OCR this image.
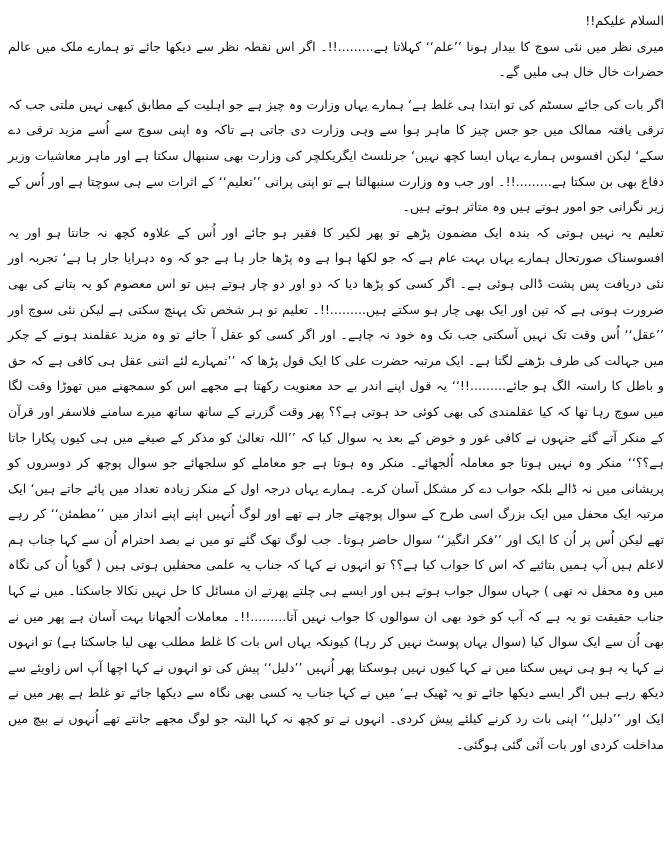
السلام علیکم!!

میری نظر میں نئی سوچ کا بیدار ہونا ’’علم‘‘ کہلاتا ہے.........!!۔ اگر اس نقطہ نظر سے دیکھا جائے تو ہمارے ملک میں عالم حضرات خال خال ہی ملیں گے۔

اگر بات کی جائے سسٹم کی تو ابتدا ہی غلط ہے‘ ہمارے یہاں وزارت وہ چیز ہے جو اہلیت کے مطابق کبھی نہیں ملتی جب کہ ترقی یافتہ ممالک میں جو جس چیز کا ماہر ہوا سے وہی وزارت دی جاتی ہے تاکہ وہ اپنی سوچ سے اُسے مزید ترقی دے سکے‘ لیکن افسوس ہمارے یہاں ایسا کچھ نہیں‘ جرنلسٹ ایگریکلچر کی وزارت بھی سنبھال سکتا ہے اور ماہر معاشیات وزیر دفاع بھی بن سکتا ہے.........!!۔ اور جب وہ وزارت سنبھالتا ہے تو اپنی پرانی ’’تعلیم‘‘ کے اثرات سے ہی سوچتا ہے اور اُس کے زیر نگرانی جو امور ہوتے ہیں وہ متاثر ہوتے ہیں۔

تعلیم یہ نہیں ہوتی کہ بندہ ایک مضمون پڑھے تو پھر لکیر کا فقیر ہو جائے اور اُس کے علاوہ کچھ نہ جانتا ہو اور یہ افسوسناک صورتحال ہمارے یہاں بہت عام ہے کہ جو لکھا ہوا ہے وہ پڑھا جار ہا ہے جو کہ وہ دہرایا جار ہا ہے‘ تجربہ اور نئی دریافت پس پشت ڈالی ہوئی ہے۔ اگر کسی کو پڑھا دیا کہ دو اور دو چار ہوتے ہیں تو اس معصوم کو یہ بتانے کی بھی ضرورت ہوتی ہے کہ تین اور ایک بھی چار ہو سکتے ہیں.........!!۔ تعلیم تو ہر شخص تک پہنچ سکتی ہے لیکن نئی سوچ اور ’’عقل‘‘ اُس وقت تک نہیں آسکتی جب تک وہ خود نہ چاہے۔ اور اگر کسی کو عقل آ جائے تو وہ مزید عقلمند ہونے کے چکر میں جہالت کی طرف بڑھنے لگتا ہے۔ ایک مرتبہ حضرت علی کا ایک قول پڑھا کہ ’’تمہارے لئے اتنی عقل ہی کافی ہے کہ حق و باطل کا راستہ الگ ہو جائے.........!!‘‘ یہ قول اپنے اندر بے حد معنویت رکھتا ہے مجھے اس کو سمجھنے میں تھوڑا وقت لگا میں سوچ رہا تھا کہ کیا عقلمندی کی بھی کوئی حد ہوتی ہے؟؟ پھر وقت گزرنے کے ساتھ ساتھ میرے سامنے فلاسفر اور قرآن کے منکر آتے گئے جنہوں نے کافی غور و خوض کے بعد یہ سوال کیا کہ ’’اللہ تعالیٰ کو مذکر کے صیغے میں ہی کیوں پکارا جاتا ہے؟؟‘‘ منکر وہ نہیں ہوتا جو معاملہ اُلجھائے۔ منکر وہ ہوتا ہے جو معاملے کو سلجھائے جو سوال پوچھ کر دوسروں کو پریشانی میں نہ ڈالے بلکہ جواب دے کر مشکل آسان کرے۔ ہمارے یہاں درجہ اول کے منکر زیادہ تعداد میں پائے جاتے ہیں‘ ایک مرتبہ ایک محفل میں ایک بزرگ اسی طرح کے سوال پوچھتے جار ہے تھے اور لوگ اُنہیں اپنے اپنے انداز میں ’’مطمئن‘‘ کر رہے تھے لیکن اُس پر اُن کا ایک اور ’’فکر انگیز‘‘ سوال حاضر ہوتا۔ جب لوگ تھک گئے تو میں نے بصد احترام اُن سے کہا جناب ہم لاعلم ہیں آپ ہمیں بتائیے کہ اس کا جواب کیا ہے؟؟ تو انہوں نے کہا کہ جناب یہ علمی محفلیں ہوتی ہیں ( گویا اُن کی نگاہ میں وہ محفل نہ تھی ) جہاں سوال جواب ہوتے ہیں اور ایسے ہی چلتے پھرتے ان مسائل کا حل نہیں نکالا جاسکتا۔ میں نے کہا جناب حقیقت تو یہ ہے کہ آپ کو خود بھی ان سوالوں کا جواب نہیں آتا.........!!۔ معاملات اُلجھانا بہت آسان ہے پھر میں نے بھی اُن سے ایک سوال کیا (سوال یہاں پوسٹ نہیں کر رہا) کیونکہ یہاں اس بات کا غلط مطلب بھی لیا جاسکتا ہے) تو انہوں نے کہا یہ ہو ہی نہیں سکتا میں نے کہا کیوں نہیں ہوسکتا پھر اُنہیں ’’دلیل‘‘ پیش کی تو انہوں نے کہا اچھا آپ اس زاویئے سے دیکھ رہے ہیں اگر ایسے دیکھا جائے تو یہ ٹھیک ہے‘ میں نے کہا جناب یہ کسی بھی نگاہ سے دیکھا جائے تو غلط ہے پھر میں نے ایک اور ’’دلیل‘‘ اپنی بات رد کرنے کیلئے پیش کردی۔ انہوں نے تو کچھ نہ کہا البتہ جو لوگ مجھے جانتے تھے اُنہوں نے بیچ میں مداخلت کردی اور بات آئی گئی ہوگئی۔
